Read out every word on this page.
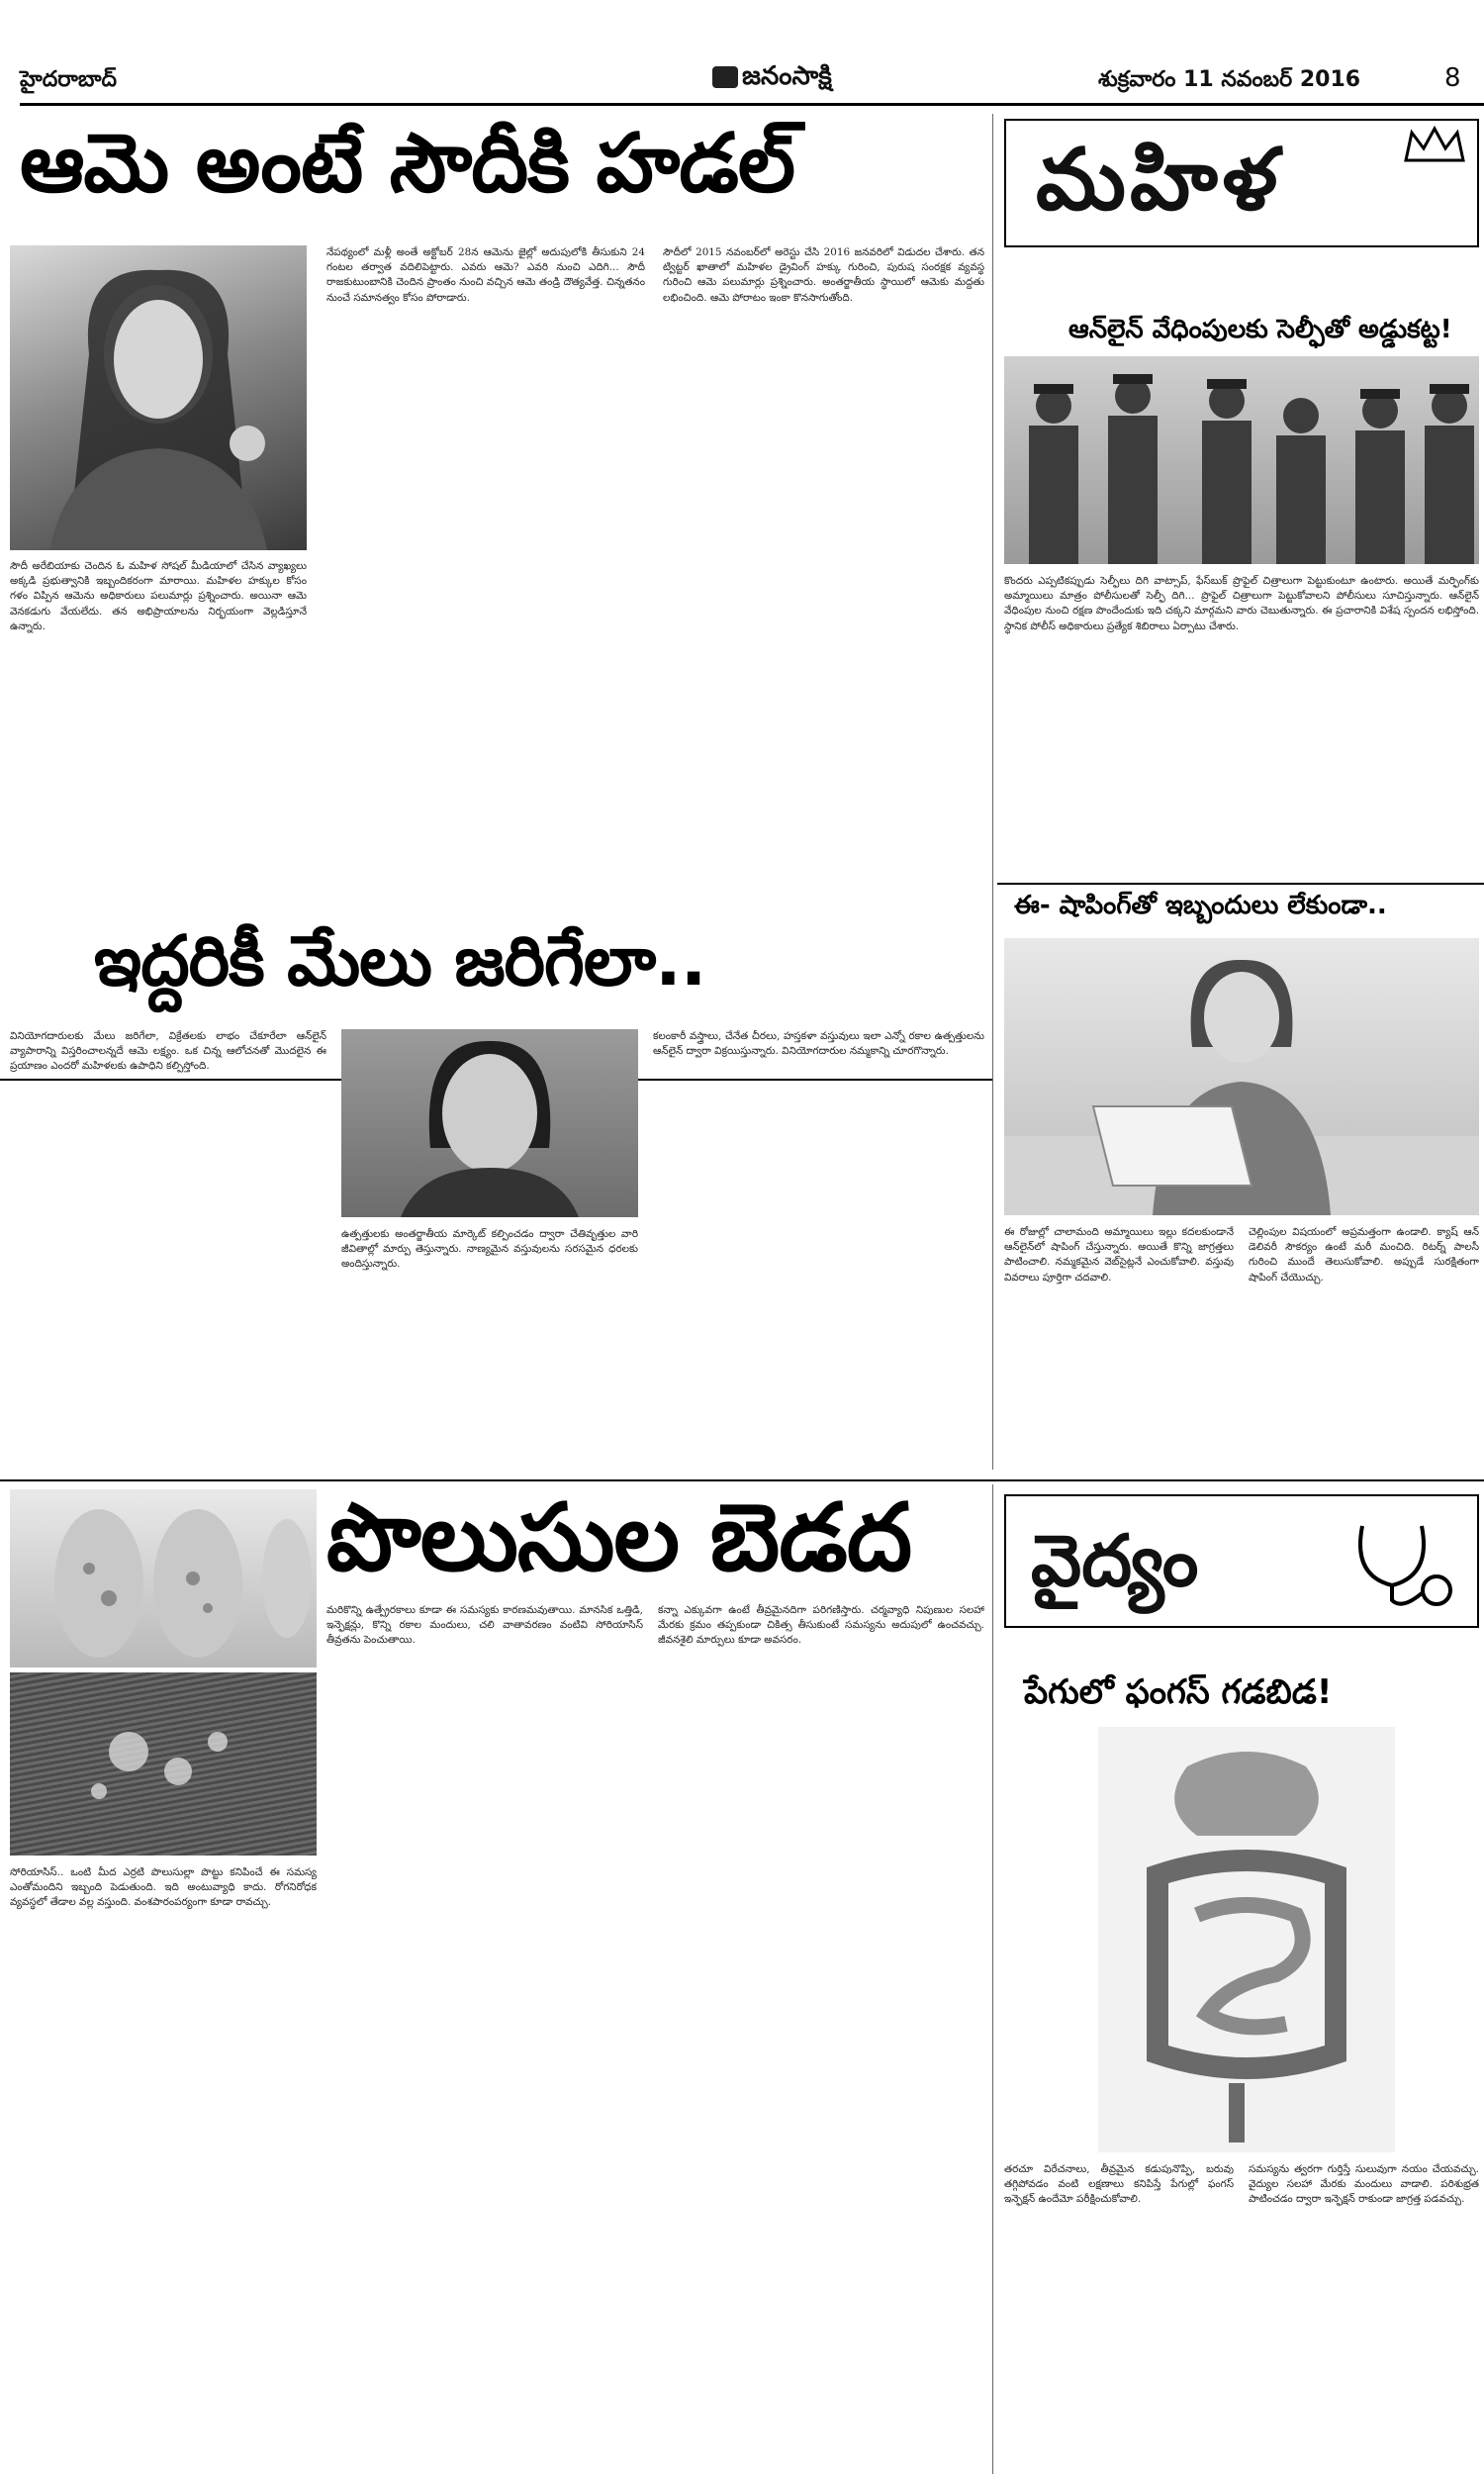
హైదరాబాద్	జనంసాక్షి	శుక్రవారం 11 నవంబర్ 2016	8
ఆమె అంటే సౌదీకి హడల్
సౌదీ అరేబియాకు చెందిన ఓ మహిళ సోషల్‌ మీడియాలో చేసిన వ్యాఖ్యలు అక్కడి ప్రభుత్వానికి ఇబ్బందికరంగా మారాయి. మహిళల హక్కుల కోసం గళం విప్పిన ఆమెను అధికారులు పలుమార్లు ప్రశ్నించారు. అయినా ఆమె వెనకడుగు వేయలేదు. తన అభిప్రాయాలను నిర్భయంగా వెల్లడిస్తూనే ఉన్నారు.
నేపథ్యంలో మళ్లీ అంతే అక్టోబర్‌ 28న ఆమెను జైల్లో అదుపులోకి తీసుకుని 24 గంటల తర్వాత వదిలిపెట్టారు. ఎవరు ఆమె? ఎవరి నుంచి ఎదిగి... సౌదీ రాజకుటుంబానికి చెందిన ప్రాంతం నుంచి వచ్చిన ఆమె తండ్రి దౌత్యవేత్త. చిన్నతనం నుంచే సమానత్వం కోసం పోరాడారు.
సౌదీలో 2015 నవంబర్‌లో అరెస్టు చేసి 2016 జనవరిలో విడుదల చేశారు. తన ట్విట్టర్‌ ఖాతాలో మహిళల డ్రైవింగ్‌ హక్కు గురించి, పురుష సంరక్షక వ్యవస్థ గురించి ఆమె పలుమార్లు ప్రశ్నించారు. అంతర్జాతీయ స్థాయిలో ఆమెకు మద్దతు లభించింది. ఆమె పోరాటం ఇంకా కొనసాగుతోంది.
మహిళ
ఆన్‌లైన్‌ వేధింపులకు సెల్ఫీతో అడ్డుకట్ట!
కొందరు ఎప్పటికప్పుడు సెల్ఫీలు దిగి వాట్సాప్‌, ఫేస్‌బుక్‌ ప్రొఫైల్‌ చిత్రాలుగా పెట్టుకుంటూ ఉంటారు. అయితే మర్ఫింగ్‌కు అమ్మాయిలు మాత్రం పోలీసులతో సెల్ఫీ దిగి... ప్రొఫైల్‌ చిత్రాలుగా పెట్టుకోవాలని పోలీసులు సూచిస్తున్నారు. ఆన్‌లైన్‌ వేధింపుల నుంచి రక్షణ పొందేందుకు ఇది చక్కని మార్గమని వారు చెబుతున్నారు. ఈ ప్రచారానికి విశేష స్పందన లభిస్తోంది. స్థానిక పోలీస్‌ అధికారులు ప్రత్యేక శిబిరాలు ఏర్పాటు చేశారు.
ఇద్దరికీ మేలు జరిగేలా..
వినియోగదారులకు మేలు జరిగేలా, విక్రేతలకు లాభం చేకూరేలా ఆన్‌లైన్‌ వ్యాపారాన్ని విస్తరించాలన్నదే ఆమె లక్ష్యం. ఒక చిన్న ఆలోచనతో మొదలైన ఈ ప్రయాణం ఎందరో మహిళలకు ఉపాధిని కల్పిస్తోంది.
ఉత్పత్తులకు అంతర్జాతీయ మార్కెట్‌ కల్పించడం ద్వారా చేతివృత్తుల వారి జీవితాల్లో మార్పు తెస్తున్నారు. నాణ్యమైన వస్తువులను సరసమైన ధరలకు అందిస్తున్నారు.
కలంకారీ వస్త్రాలు, చేనేత చీరలు, హస్తకళా వస్తువులు ఇలా ఎన్నో రకాల ఉత్పత్తులను ఆన్‌లైన్‌ ద్వారా విక్రయిస్తున్నారు. వినియోగదారుల నమ్మకాన్ని చూరగొన్నారు.
ఈ- షాపింగ్‌తో ఇబ్బందులు లేకుండా..
ఈ రోజుల్లో చాలామంది అమ్మాయిలు ఇల్లు కదలకుండానే ఆన్‌లైన్‌లో షాపింగ్‌ చేస్తున్నారు. అయితే కొన్ని జాగ్రత్తలు పాటించాలి. నమ్మకమైన వెబ్‌సైట్లనే ఎంచుకోవాలి. వస్తువు వివరాలు పూర్తిగా చదవాలి.
చెల్లింపుల విషయంలో అప్రమత్తంగా ఉండాలి. క్యాష్‌ ఆన్‌ డెలివరీ సౌకర్యం ఉంటే మరీ మంచిది. రిటర్న్‌ పాలసీ గురించి ముందే తెలుసుకోవాలి. అప్పుడే సురక్షితంగా షాపింగ్‌ చేయొచ్చు.
పొలుసుల బెడద
సోరియాసిస్‌.. ఒంటి మీద ఎర్రటి పొలుసుల్లా పొట్టు కనిపించే ఈ సమస్య ఎంతోమందిని ఇబ్బంది పెడుతుంది. ఇది అంటువ్యాధి కాదు. రోగనిరోధక వ్యవస్థలో తేడాల వల్ల వస్తుంది. వంశపారంపర్యంగా కూడా రావచ్చు.
మరికొన్ని ఉత్ప్రేరకాలు కూడా ఈ సమస్యకు కారణమవుతాయి. మానసిక ఒత్తిడి, ఇన్ఫెక్షన్లు, కొన్ని రకాల మందులు, చలి వాతావరణం వంటివి సోరియాసిస్‌ తీవ్రతను పెంచుతాయి.
కన్నా ఎక్కువగా ఉంటే తీవ్రమైనదిగా పరిగణిస్తారు. చర్మవ్యాధి నిపుణుల సలహా మేరకు క్రమం తప్పకుండా చికిత్స తీసుకుంటే సమస్యను అదుపులో ఉంచవచ్చు. జీవనశైలి మార్పులు కూడా అవసరం.
వైద్యం
పేగులో ఫంగస్‌ గడబిడ!
తరచూ విరేచనాలు, తీవ్రమైన కడుపునొప్పి, బరువు తగ్గిపోవడం వంటి లక్షణాలు కనిపిస్తే పేగుల్లో ఫంగస్‌ ఇన్ఫెక్షన్‌ ఉందేమో పరీక్షించుకోవాలి.
సమస్యను త్వరగా గుర్తిస్తే సులువుగా నయం చేయవచ్చు. వైద్యుల సలహా మేరకు మందులు వాడాలి. పరిశుభ్రత పాటించడం ద్వారా ఇన్ఫెక్షన్‌ రాకుండా జాగ్రత్త పడవచ్చు.
